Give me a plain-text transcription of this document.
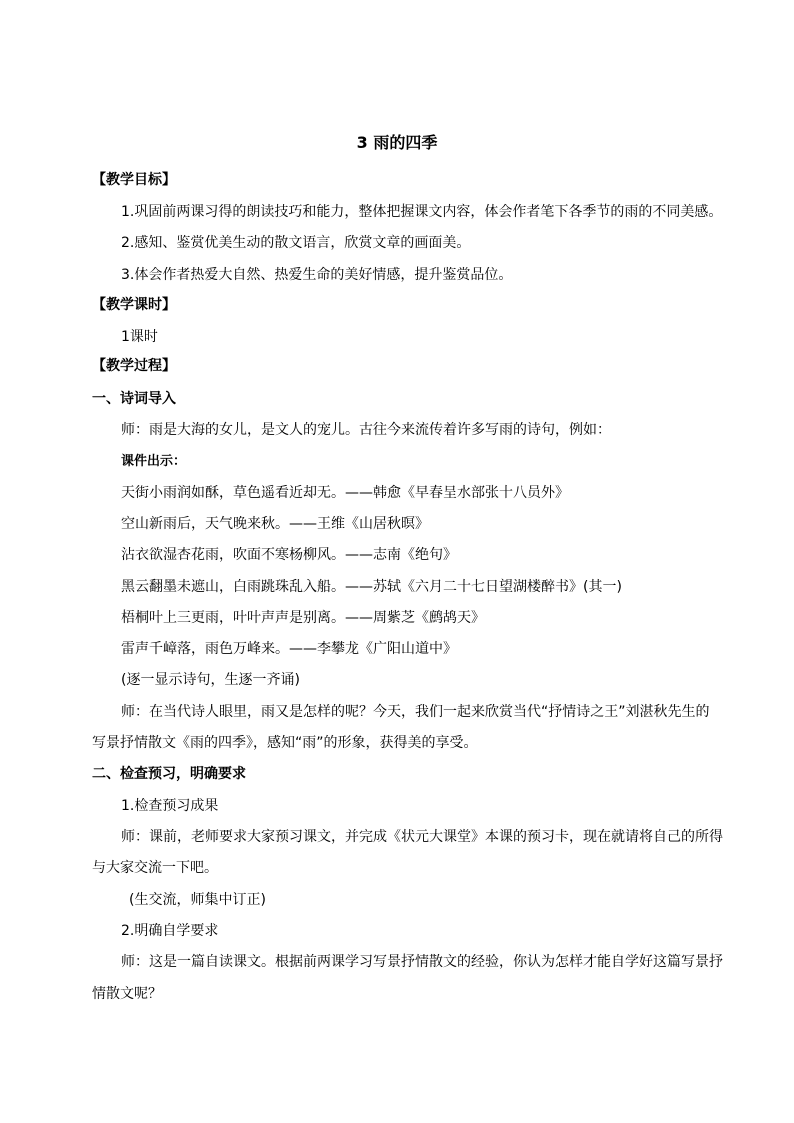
3 雨的四季
【教学目标】
1.巩固前两课习得的朗读技巧和能力，整体把握课文内容，体会作者笔下各季节的雨的不同美感。
2.感知、鉴赏优美生动的散文语言，欣赏文章的画面美。
3.体会作者热爱大自然、热爱生命的美好情感，提升鉴赏品位。
【教学课时】
1课时
【教学过程】
一、诗词导入
师：雨是大海的女儿，是文人的宠儿。古往今来流传着许多写雨的诗句，例如：
课件出示：
天街小雨润如酥，草色遥看近却无。——韩愈《早春呈水部张十八员外》
空山新雨后，天气晚来秋。——王维《山居秋暝》
沾衣欲湿杏花雨，吹面不寒杨柳风。——志南《绝句》
黑云翻墨未遮山，白雨跳珠乱入船。——苏轼《六月二十七日望湖楼醉书》(其一)
梧桐叶上三更雨，叶叶声声是别离。——周紫芝《鹧鸪天》
雷声千嶂落，雨色万峰来。——李攀龙《广阳山道中》
(逐一显示诗句，生逐一齐诵)
师：在当代诗人眼里，雨又是怎样的呢？今天，我们一起来欣赏当代“抒情诗之王”刘湛秋先生的
写景抒情散文《雨的四季》，感知“雨”的形象，获得美的享受。
二、检查预习，明确要求
1.检查预习成果
师：课前，老师要求大家预习课文，并完成《状元大课堂》本课的预习卡，现在就请将自己的所得
与大家交流一下吧。
(生交流，师集中订正)
2.明确自学要求
师：这是一篇自读课文。根据前两课学习写景抒情散文的经验，你认为怎样才能自学好这篇写景抒
情散文呢？
